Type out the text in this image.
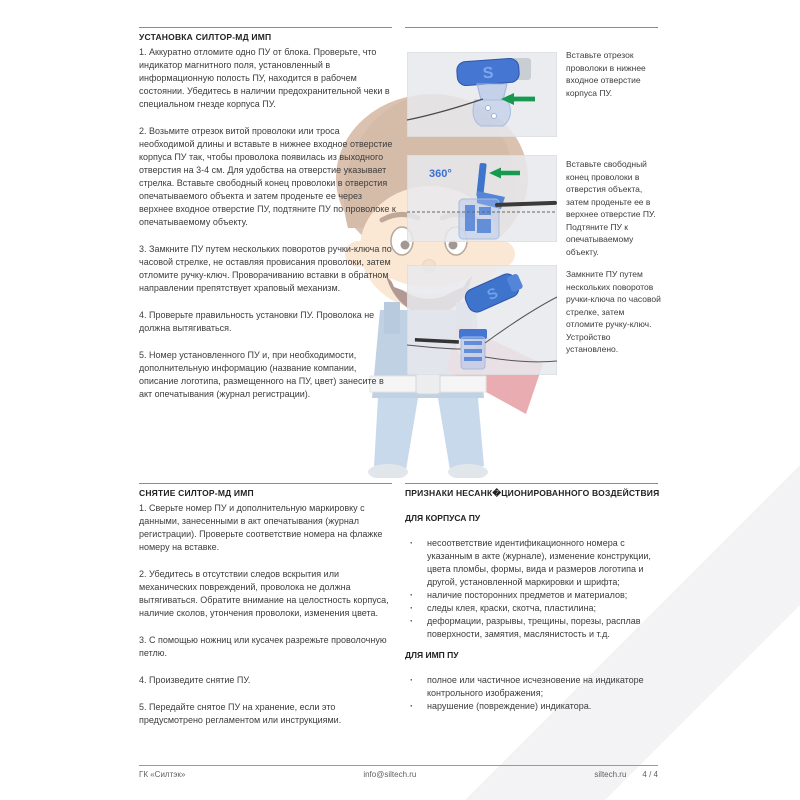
УСТАНОВКА СИЛТОР-МД ИМП

1. Аккуратно отломите одно ПУ от блока. Проверьте, что индикатор магнитного поля, установленный в информационную полость ПУ, находится в рабочем состоянии. Убедитесь в наличии предохранительной чеки в специальном гнезде корпуса ПУ.

2. Возьмите отрезок витой проволоки или троса необходимой длины и вставьте в нижнее входное отверстие корпуса ПУ так, чтобы проволока появилась из выходного отверстия на 3-4 см. Для удобства на отверстие указывает стрелка. Вставьте свободный конец проволоки в отверстия опечатываемого объекта и затем проденьте ее через верхнее входное отверстие ПУ, подтяните ПУ по проволоке к опечатываемому объекту.

3. Замкните ПУ путем нескольких поворотов ручки-ключа по часовой стрелке, не оставляя провисания проволоки, затем отломите ручку-ключ. Проворачиванию вставки в обратном направлении препятствует храповый механизм.

4. Проверьте правильность установки ПУ. Проволока не должна вытягиваться.

5. Номер установленного ПУ и, при необходимости, дополнительную информацию (название компании, описание логотипа, размещенного на ПУ, цвет) занесите в акт опечатывания (журнал регистрации).

S
Вставьте отрезок проволоки в нижнее входное отверстие корпуса ПУ.
360°
Вставьте свободный конец проволоки в отверстия объекта, затем проденьте ее в верхнее отверстие ПУ. Подтяните ПУ к опечатываемому объекту.
S
Замкните ПУ путем нескольких поворотов ручки-ключа по часовой стрелке, затем отломите ручку-ключ. Устройство установлено.
СНЯТИЕ СИЛТОР-МД ИМП

1. Сверьте номер ПУ и дополнительную маркировку с данными, занесенными в акт опечатывания (журнал регистрации). Проверьте соответствие номера на флажке номеру на вставке.

2. Убедитесь в отсутствии следов вскрытия или механических повреждений, проволока не должна вытягиваться. Обратите внимание на целостность корпуса, наличие сколов, утончения проволоки, изменения цвета.

3. С помощью ножниц или кусачек разрежьте проволочную петлю.

4. Произведите снятие ПУ.

5. Передайте снятое ПУ на хранение, если это предусмотрено регламентом или инструкциями.

ПРИЗНАКИ НЕСАНК�ЦИОНИРОВАННОГО ВОЗДЕЙСТВИЯ
ДЛЯ КОРПУСА ПУ
· несоответствие идентификационного номера с указанным в акте (журнале), изменение конструкции, цвета пломбы, формы, вида и размеров логотипа и другой, установленной маркировки и шрифта;
· наличие посторонних предметов и материалов;
· следы клея, краски, скотча, пластилина;
· деформации, разрывы, трещины, порезы, расплав поверхности, замятия, маслянистость и т.д.
ДЛЯ ИМП ПУ
· полное или частичное исчезновение на индикаторе контрольного изображения;
· нарушение (повреждение) индикатора.
ГК «Силтэк»	info@siltech.ru	siltech.ru 4 / 4
